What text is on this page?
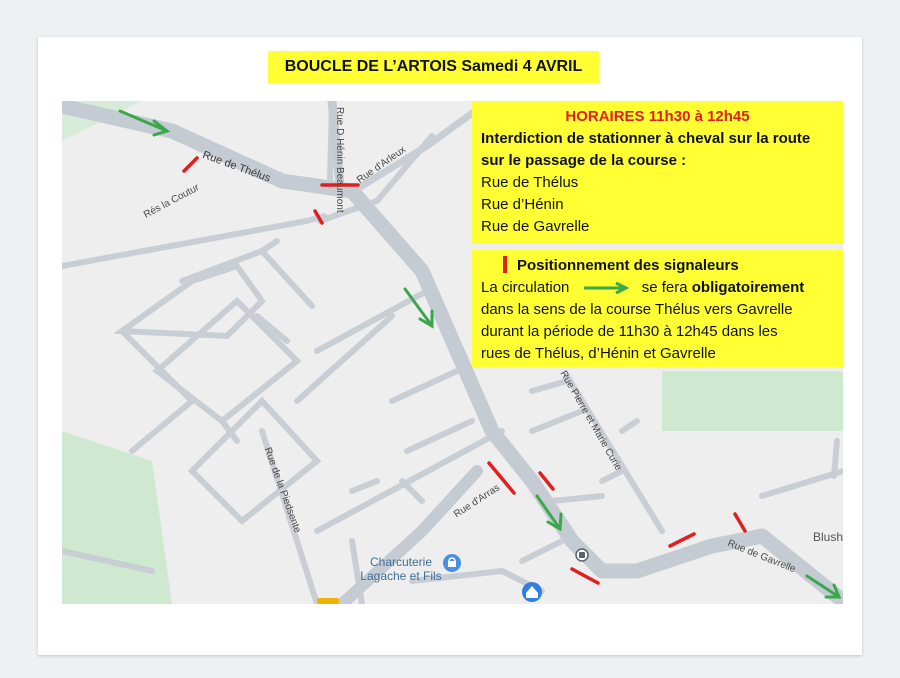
BOUCLE DE L’ARTOIS Samedi 4 AVRIL
Rue de Thélus	Rue D Hénin Beaumont Rue d'Arleux
Rés la Coutur
Rue de la Piedsente
Rue Pierre et Marie Curie
Rue d'Arras
Rue de Gavrelle
Charcuterie
Lagache et Fils
Blush
HORAIRES 11h30 à 12h45
Interdiction de stationner à cheval sur la route
sur le passage de la course :
Rue de Thélus
Rue d’Hénin
Rue de Gavrelle
Positionnement des signaleurs
La circulation	se fera obligatoirement
dans la sens de la course Thélus vers Gavrelle
durant la période de 11h30 à 12h45 dans les
rues de Thélus, d’Hénin et Gavrelle
